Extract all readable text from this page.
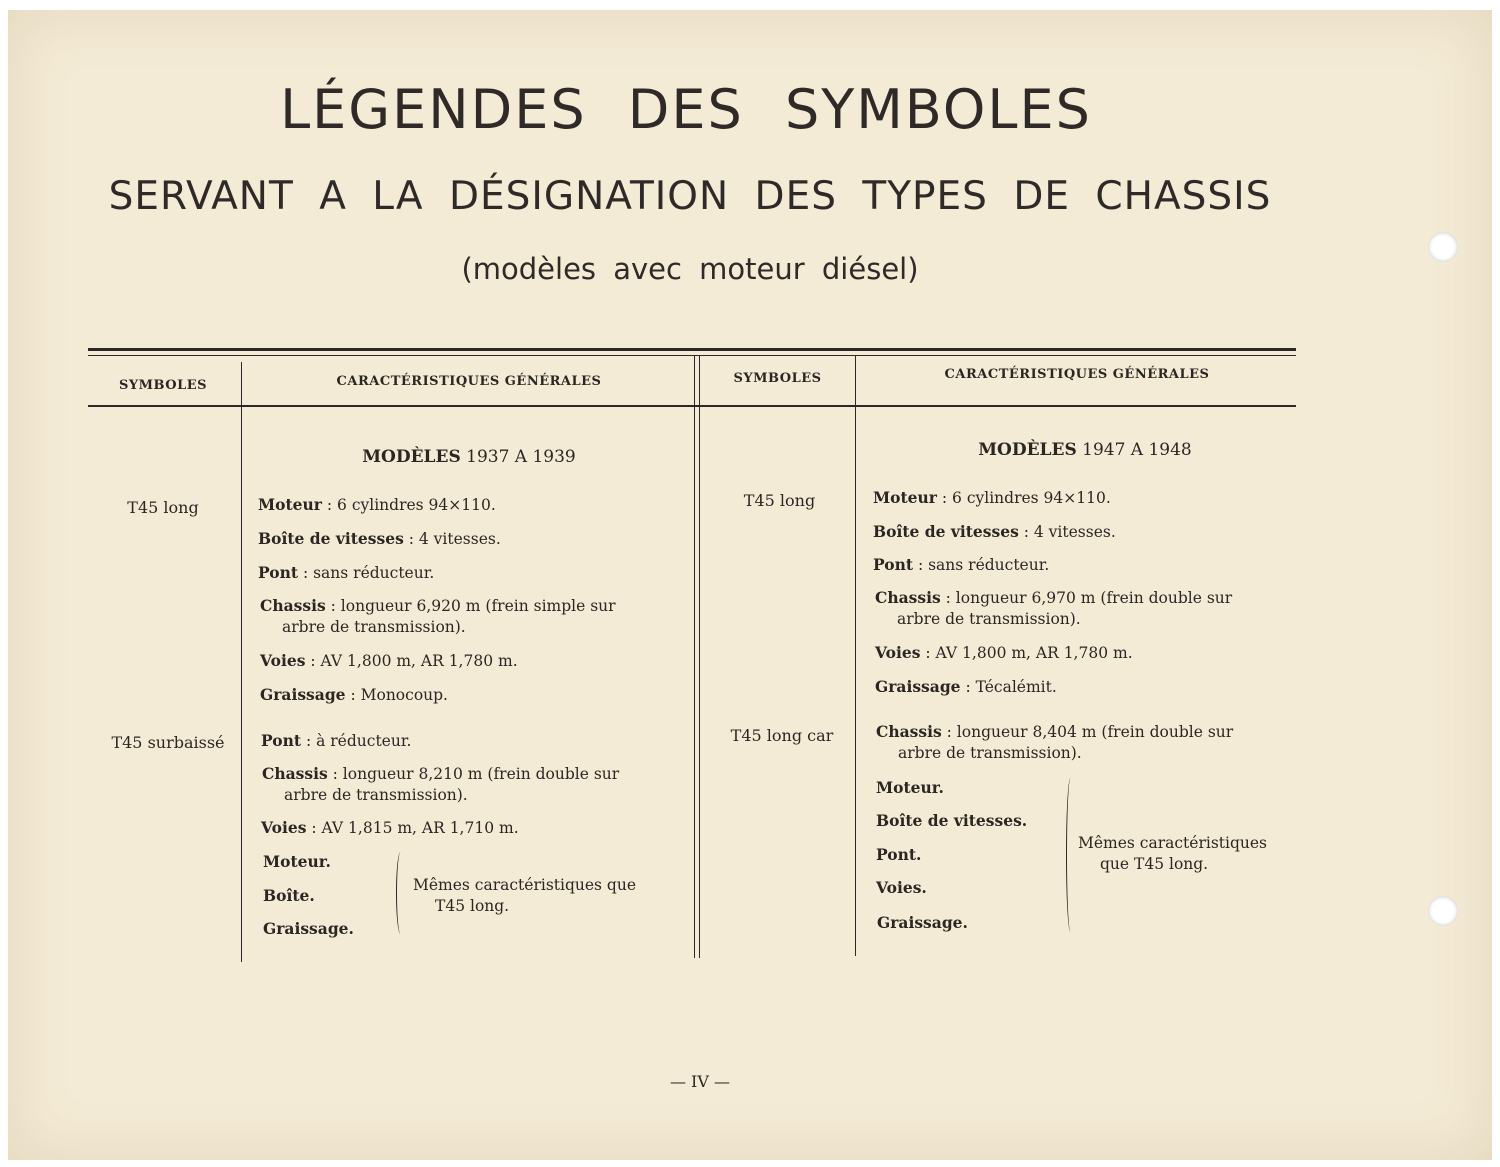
LÉGENDES DES SYMBOLES
SERVANT A LA DÉSIGNATION DES TYPES DE CHASSIS
(modèles avec moteur diésel)
SYMBOLES	CARACTÉRISTIQUES GÉNÉRALES	SYMBOLES	CARACTÉRISTIQUES GÉNÉRALES
MODÈLES 1937 A 1939
T45 long	Moteur : 6 cylindres 94×110.
Boîte de vitesses : 4 vitesses.
Pont : sans réducteur.
Chassis : longueur 6,920 m (frein simple sur
arbre de transmission).
Voies : AV 1,800 m, AR 1,780 m.
Graissage : Monocoup.
T45 surbaissé	Pont : à réducteur.
Chassis : longueur 8,210 m (frein double sur
arbre de transmission).
Voies : AV 1,815 m, AR 1,710 m.
Moteur.
Boîte.
Graissage.
Mêmes caractéristiques que
T45 long.
MODÈLES 1947 A 1948
T45 long	Moteur : 6 cylindres 94×110.
Boîte de vitesses : 4 vitesses.
Pont : sans réducteur.
Chassis : longueur 6,970 m (frein double sur
arbre de transmission).
Voies : AV 1,800 m, AR 1,780 m.
Graissage : Técalémit.
T45 long car	Chassis : longueur 8,404 m (frein double sur
arbre de transmission).
Moteur.
Boîte de vitesses.
Pont.
Voies.
Graissage.
Mêmes caractéristiques
que T45 long.
— IV —
